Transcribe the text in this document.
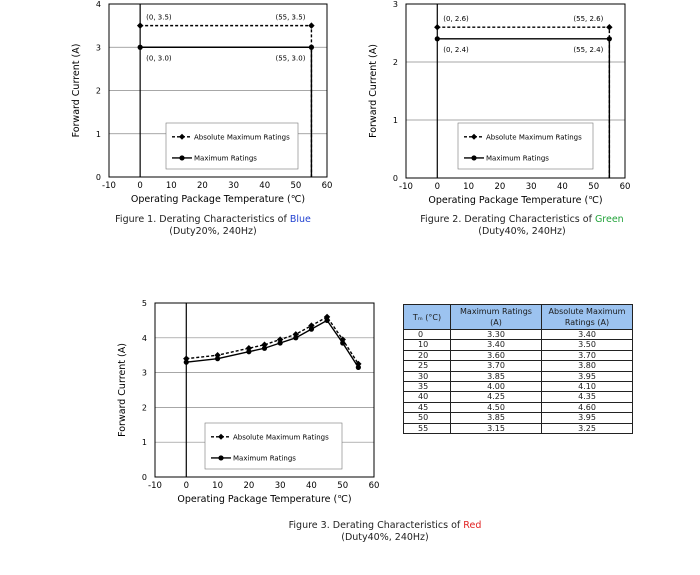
0
1
2
3
4
-10	0	10 20 30 40 50 60
Operating Package Temperature (℃)
Forward Current (A)
(0, 3.5)	(55, 3.5)
(0, 3.0)	(55, 3.0)
Absolute Maximum Ratings
Maximum Ratings
0
1
2
3
-10	0	10 20 30 40 50 60
Operating Package Temperature (℃)
Forward Current (A)
(0, 2.6)	(55, 2.6)
(0, 2.4)	(55, 2.4)
Absolute Maximum Ratings
Maximum Ratings
0
1
2
3
4
5
-10	0	10 20 30 40 50 60
Operating Package Temperature (℃)
Forward Current (A)
Absolute Maximum Ratings
Maximum Ratings
Figure 1. Derating Characteristics of Blue
(Duty20%, 240Hz)
Figure 2. Derating Characteristics of Green
(Duty40%, 240Hz)
Figure 3. Derating Characteristics of Red
(Duty40%, 240Hz)
Tₘ (°C)	Maximum Ratings (A)	Absolute Maximum Ratings (A)
0	3.30	3.40
10	3.40	3.50
20	3.60	3.70
25	3.70	3.80
30	3.85	3.95
35	4.00	4.10
40	4.25	4.35
45	4.50	4.60
50	3.85	3.95
55	3.15	3.25
